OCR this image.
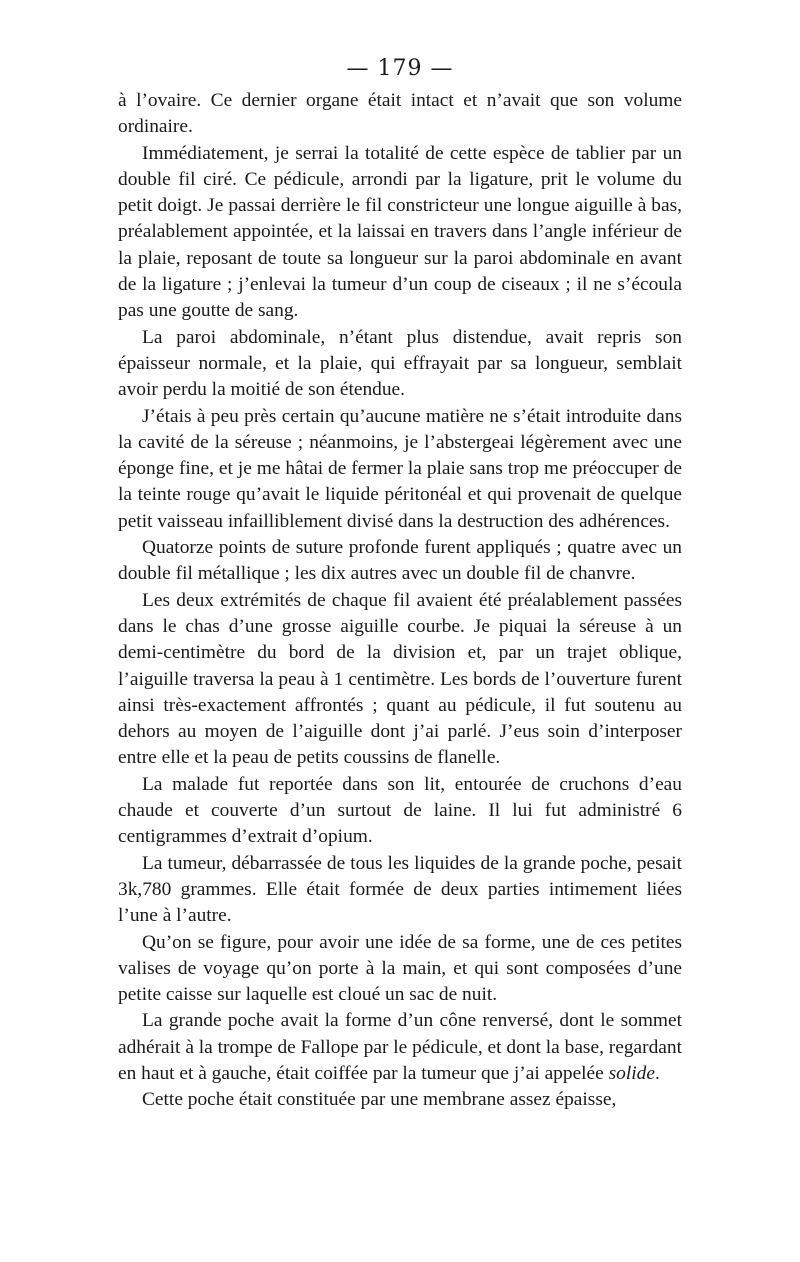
— 179 —

à l’ovaire. Ce dernier organe était intact et n’avait que son volume ordinaire.

Immédiatement, je serrai la totalité de cette espèce de tablier par un double fil ciré. Ce pédicule, arrondi par la ligature, prit le volume du petit doigt. Je passai derrière le fil constricteur une longue aiguille à bas, préalablement appointée, et la laissai en travers dans l’angle inférieur de la plaie, reposant de toute sa longueur sur la paroi abdominale en avant de la ligature ; j’enlevai la tumeur d’un coup de ciseaux ; il ne s’écoula pas une goutte de sang.

La paroi abdominale, n’étant plus distendue, avait repris son épaisseur normale, et la plaie, qui effrayait par sa longueur, semblait avoir perdu la moitié de son étendue.

J’étais à peu près certain qu’aucune matière ne s’était introduite dans la cavité de la séreuse ; néanmoins, je l’abstergeai légèrement avec une éponge fine, et je me hâtai de fermer la plaie sans trop me préoccuper de la teinte rouge qu’avait le liquide péritonéal et qui provenait de quelque petit vaisseau infailliblement divisé dans la destruction des adhérences.

Quatorze points de suture profonde furent appliqués ; quatre avec un double fil métallique ; les dix autres avec un double fil de chanvre.

Les deux extrémités de chaque fil avaient été préalablement passées dans le chas d’une grosse aiguille courbe. Je piquai la séreuse à un demi-centimètre du bord de la division et, par un trajet oblique, l’aiguille traversa la peau à 1 centimètre. Les bords de l’ouverture furent ainsi très-exactement affrontés ; quant au pédicule, il fut soutenu au dehors au moyen de l’aiguille dont j’ai parlé. J’eus soin d’interposer entre elle et la peau de petits coussins de flanelle.

La malade fut reportée dans son lit, entourée de cruchons d’eau chaude et couverte d’un surtout de laine. Il lui fut administré 6 centigrammes d’extrait d’opium.

La tumeur, débarrassée de tous les liquides de la grande poche, pesait 3k,780 grammes. Elle était formée de deux parties intimement liées l’une à l’autre.

Qu’on se figure, pour avoir une idée de sa forme, une de ces petites valises de voyage qu’on porte à la main, et qui sont composées d’une petite caisse sur laquelle est cloué un sac de nuit.

La grande poche avait la forme d’un cône renversé, dont le sommet adhérait à la trompe de Fallope par le pédicule, et dont la base, regardant en haut et à gauche, était coiffée par la tumeur que j’ai appelée solide.

Cette poche était constituée par une membrane assez épaisse,
